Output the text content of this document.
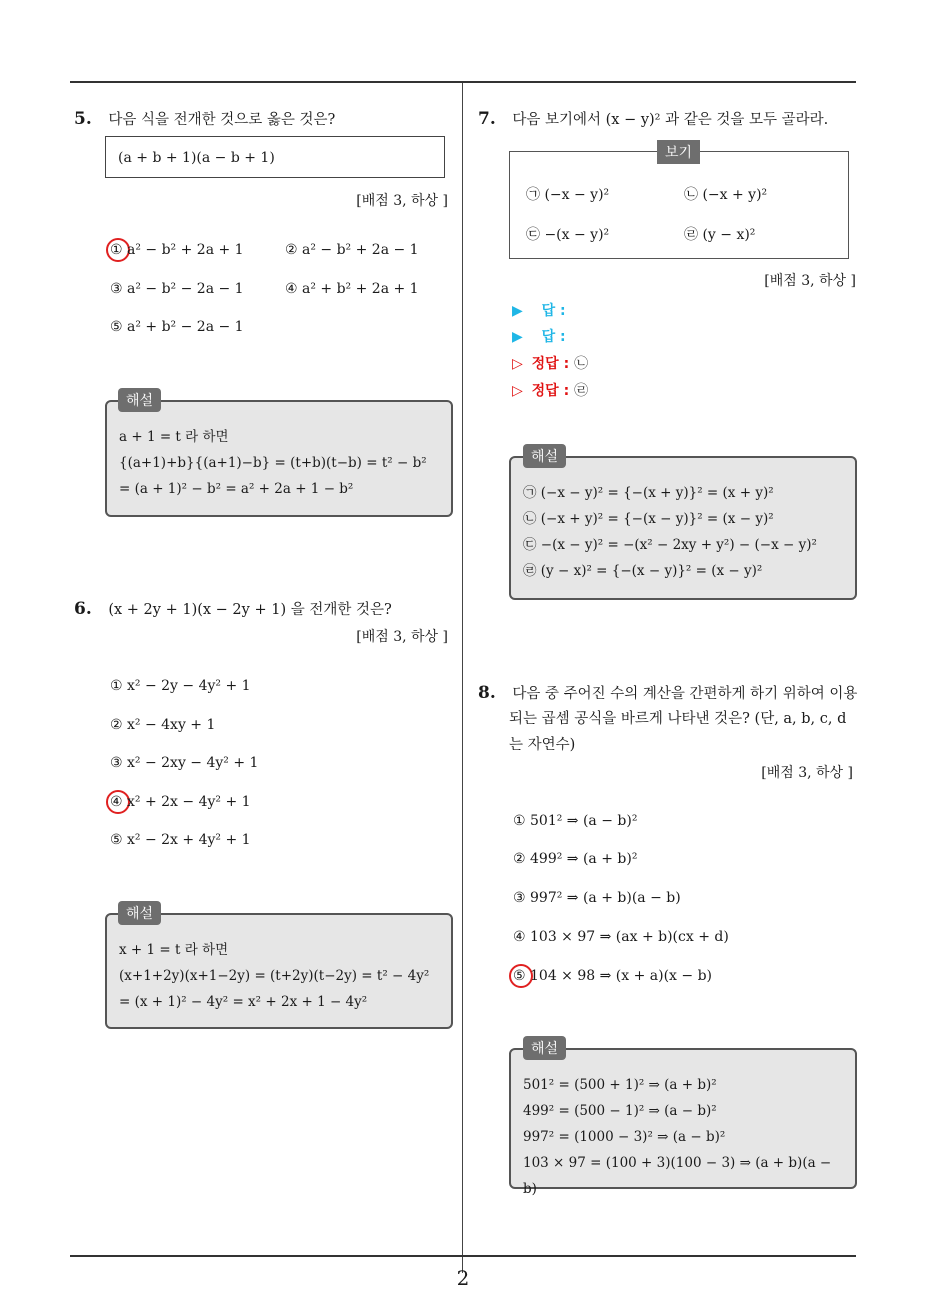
5. 다음 식을 전개한 것으로 옳은 것은?
(a + b + 1)(a − b + 1)
[배점 3, 하상 ]
① a² − b² + 2a + 1	② a² − b² + 2a − 1
③ a² − b² − 2a − 1	④ a² + b² + 2a + 1
⑤ a² + b² − 2a − 1
a + 1 = t 라 하면
{(a+1)+b}{(a+1)−b} = (t+b)(t−b) = t² − b²
= (a + 1)² − b² = a² + 2a + 1 − b²
해설
6. (x + 2y + 1)(x − 2y + 1) 을 전개한 것은?
[배점 3, 하상 ]
① x² − 2y − 4y² + 1
② x² − 4xy + 1
③ x² − 2xy − 4y² + 1
④ x² + 2x − 4y² + 1
⑤ x² − 2x + 4y² + 1
x + 1 = t 라 하면
(x+1+2y)(x+1−2y) = (t+2y)(t−2y) = t² − 4y²
= (x + 1)² − 4y² = x² + 2x + 1 − 4y²
해설
7. 다음 보기에서 (x − y)² 과 같은 것을 모두 골라라.
보기
㉠ (−x − y)²	㉡ (−x + y)²
㉢ −(x − y)²	㉣ (y − x)²
[배점 3, 하상 ]
▶ 답 :
▶ 답 :
▷ 정답 : ㉡
▷ 정답 : ㉣
㉠ (−x − y)² = {−(x + y)}² = (x + y)²
㉡ (−x + y)² = {−(x − y)}² = (x − y)²
㉢ −(x − y)² = −(x² − 2xy + y²) − (−x − y)²
㉣ (y − x)² = {−(x − y)}² = (x − y)²
해설
8. 다음 중 주어진 수의 계산을 간편하게 하기 위하여 이용
되는 곱셈 공식을 바르게 나타낸 것은? (단, a, b, c, d
는 자연수)
[배점 3, 하상 ]
① 501² ⇒ (a − b)²
② 499² ⇒ (a + b)²
③ 997² ⇒ (a + b)(a − b)
④ 103 × 97 ⇒ (ax + b)(cx + d)
⑤ 104 × 98 ⇒ (x + a)(x − b)
501² = (500 + 1)² ⇒ (a + b)²
499² = (500 − 1)² ⇒ (a − b)²
997² = (1000 − 3)² ⇒ (a − b)²
103 × 97 = (100 + 3)(100 − 3) ⇒ (a + b)(a − b)
해설
2
